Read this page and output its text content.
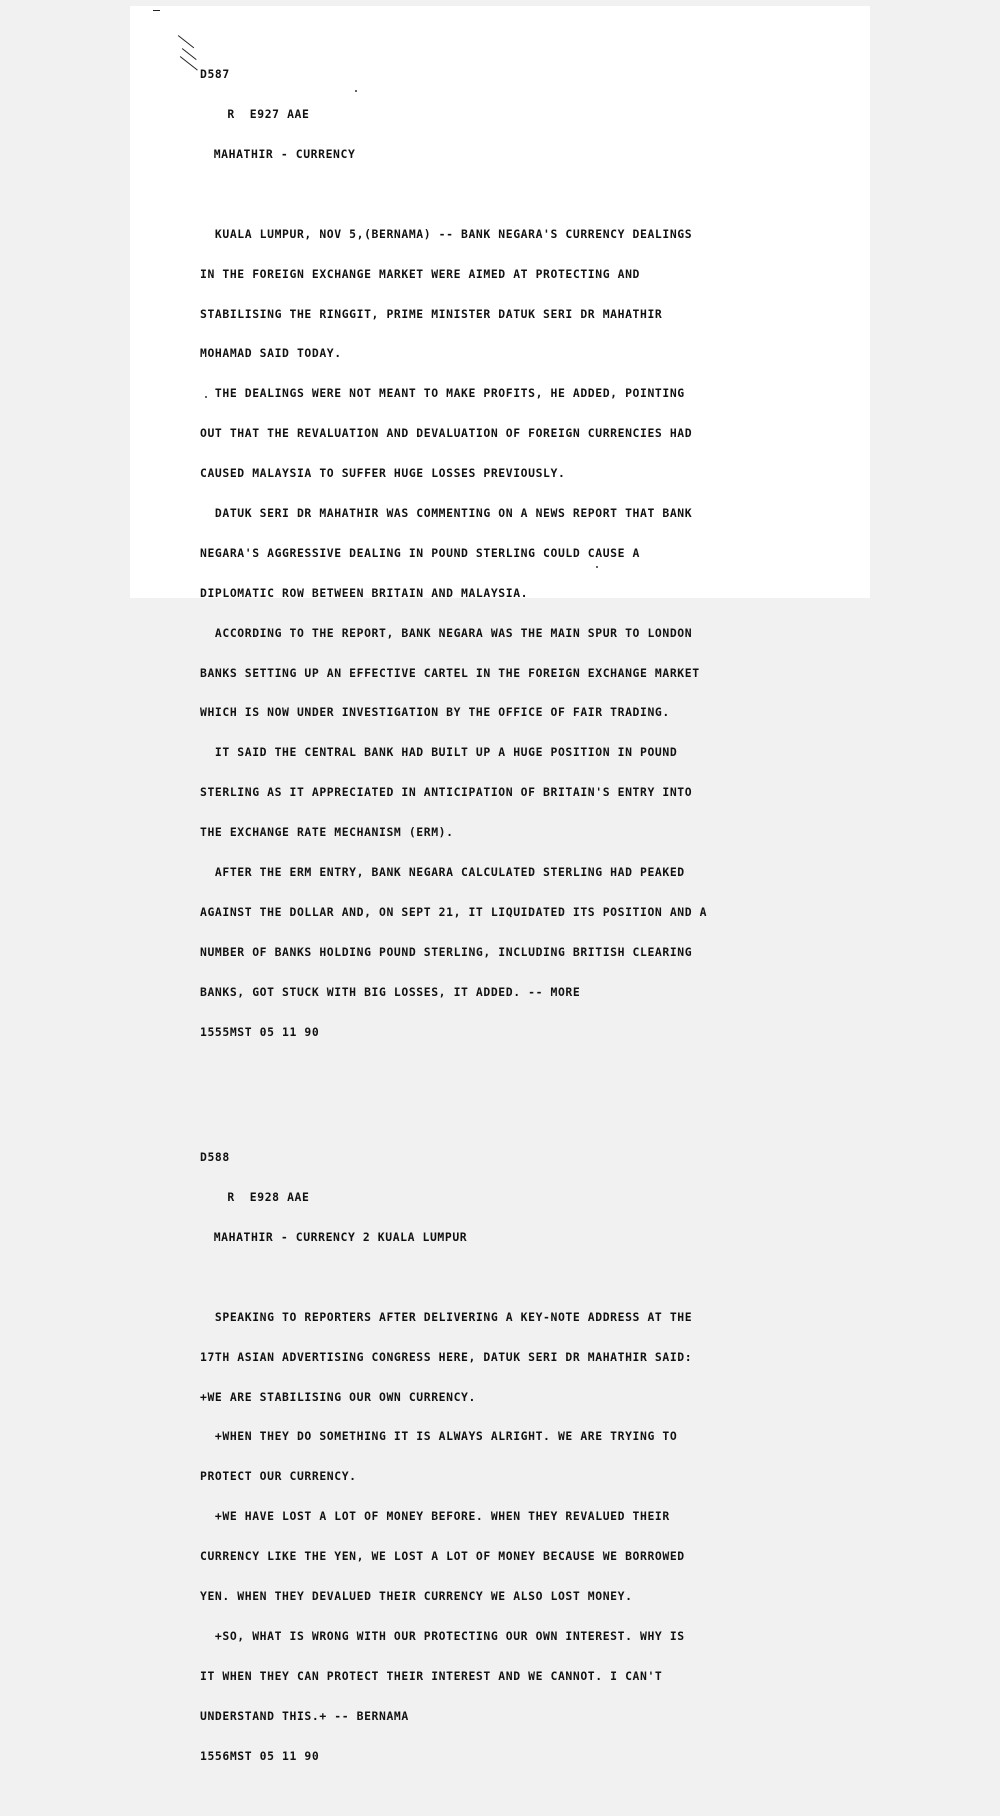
D587

R  E927 AAE

MAHATHIR - CURRENCY

KUALA LUMPUR, NOV 5,(BERNAMA) -- BANK NEGARA'S CURRENCY DEALINGS

IN THE FOREIGN EXCHANGE MARKET WERE AIMED AT PROTECTING AND

STABILISING THE RINGGIT, PRIME MINISTER DATUK SERI DR MAHATHIR

MOHAMAD SAID TODAY.

THE DEALINGS WERE NOT MEANT TO MAKE PROFITS, HE ADDED, POINTING

OUT THAT THE REVALUATION AND DEVALUATION OF FOREIGN CURRENCIES HAD

CAUSED MALAYSIA TO SUFFER HUGE LOSSES PREVIOUSLY.

DATUK SERI DR MAHATHIR WAS COMMENTING ON A NEWS REPORT THAT BANK

NEGARA'S AGGRESSIVE DEALING IN POUND STERLING COULD CAUSE A

DIPLOMATIC ROW BETWEEN BRITAIN AND MALAYSIA.

ACCORDING TO THE REPORT, BANK NEGARA WAS THE MAIN SPUR TO LONDON

BANKS SETTING UP AN EFFECTIVE CARTEL IN THE FOREIGN EXCHANGE MARKET

WHICH IS NOW UNDER INVESTIGATION BY THE OFFICE OF FAIR TRADING.

IT SAID THE CENTRAL BANK HAD BUILT UP A HUGE POSITION IN POUND

STERLING AS IT APPRECIATED IN ANTICIPATION OF BRITAIN'S ENTRY INTO

THE EXCHANGE RATE MECHANISM (ERM).

AFTER THE ERM ENTRY, BANK NEGARA CALCULATED STERLING HAD PEAKED

AGAINST THE DOLLAR AND, ON SEPT 21, IT LIQUIDATED ITS POSITION AND A

NUMBER OF BANKS HOLDING POUND STERLING, INCLUDING BRITISH CLEARING

BANKS, GOT STUCK WITH BIG LOSSES, IT ADDED. -- MORE

1555MST 05 11 90

D588

R  E928 AAE

MAHATHIR - CURRENCY 2 KUALA LUMPUR

SPEAKING TO REPORTERS AFTER DELIVERING A KEY-NOTE ADDRESS AT THE

17TH ASIAN ADVERTISING CONGRESS HERE, DATUK SERI DR MAHATHIR SAID:

+WE ARE STABILISING OUR OWN CURRENCY.

+WHEN THEY DO SOMETHING IT IS ALWAYS ALRIGHT. WE ARE TRYING TO

PROTECT OUR CURRENCY.

+WE HAVE LOST A LOT OF MONEY BEFORE. WHEN THEY REVALUED THEIR

CURRENCY LIKE THE YEN, WE LOST A LOT OF MONEY BECAUSE WE BORROWED

YEN. WHEN THEY DEVALUED THEIR CURRENCY WE ALSO LOST MONEY.

+SO, WHAT IS WRONG WITH OUR PROTECTING OUR OWN INTEREST. WHY IS

IT WHEN THEY CAN PROTECT THEIR INTEREST AND WE CANNOT. I CAN'T

UNDERSTAND THIS.+ -- BERNAMA

1556MST 05 11 90
